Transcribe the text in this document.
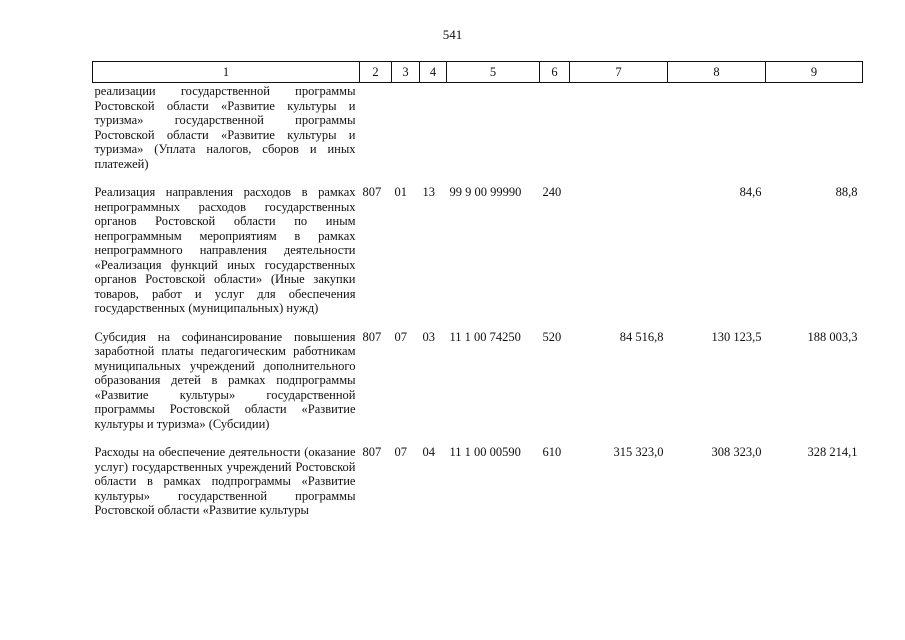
541
1	2	3	4	5	6	7	8	9
реализации государственной программы Ростовской области «Развитие культуры и туризма» государственной программы Ростовской области «Развитие культуры и туризма» (Уплата налогов, сборов и иных платежей)								
Реализация направления расходов в рамках непрограммных расходов государственных органов Ростовской области по иным непрограммным мероприятиям в рамках непрограммного направления деятельности «Реализация функций иных государственных органов Ростовской области» (Иные закупки товаров, работ и услуг для обеспечения государственных (муниципальных) нужд)	807	01	13	99 9 00 99990	240		84,6	88,8
Субсидия на софинансирование повышения заработной платы педагогическим работникам муниципальных учреждений дополнительного образования детей в рамках подпрограммы «Развитие культуры» государственной программы Ростовской области «Развитие культуры и туризма» (Субсидии)	807	07	03	11 1 00 74250	520	84 516,8	130 123,5	188 003,3
Расходы на обеспечение деятельности (оказание услуг) государственных учреждений Ростовской области в рамках подпрограммы «Развитие культуры» государственной программы Ростовской области «Развитие культуры	807	07	04	11 1 00 00590	610	315 323,0	308 323,0	328 214,1
